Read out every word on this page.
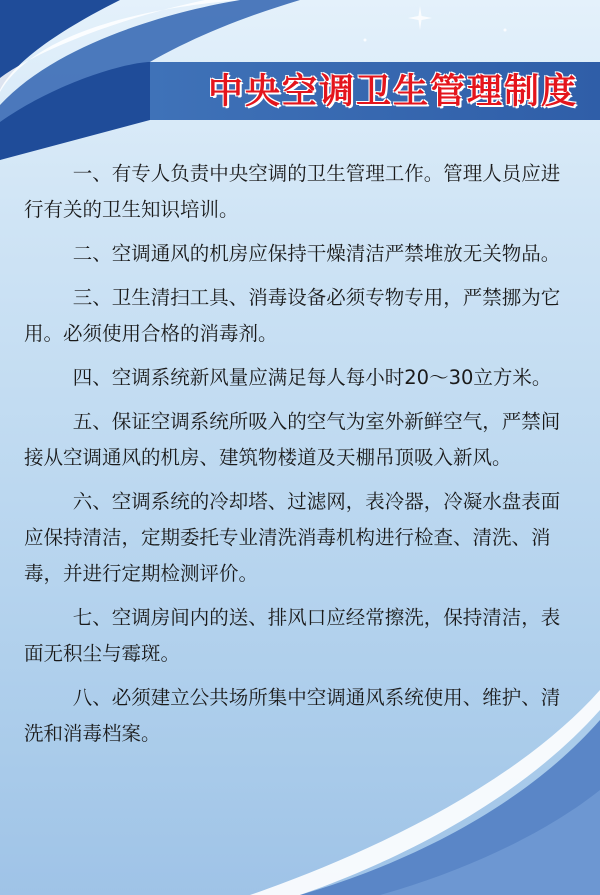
中央空调卫生管理制度

一、有专人负责中央空调的卫生管理工作。管理人员应进行有关的卫生知识培训。

二、空调通风的机房应保持干燥清洁严禁堆放无关物品。

三、卫生清扫工具、消毒设备必须专物专用，严禁挪为它用。必须使用合格的消毒剂。

四、空调系统新风量应满足每人每小时20～30立方米。

五、保证空调系统所吸入的空气为室外新鲜空气，严禁间接从空调通风的机房、建筑物楼道及天棚吊顶吸入新风。

六、空调系统的冷却塔、过滤网，表冷器，冷凝水盘表面应保持清洁，定期委托专业清洗消毒机构进行检查、清洗、消毒，并进行定期检测评价。

七、空调房间内的送、排风口应经常擦洗，保持清洁，表面无积尘与霉斑。

八、必须建立公共场所集中空调通风系统使用、维护、清洗和消毒档案。
